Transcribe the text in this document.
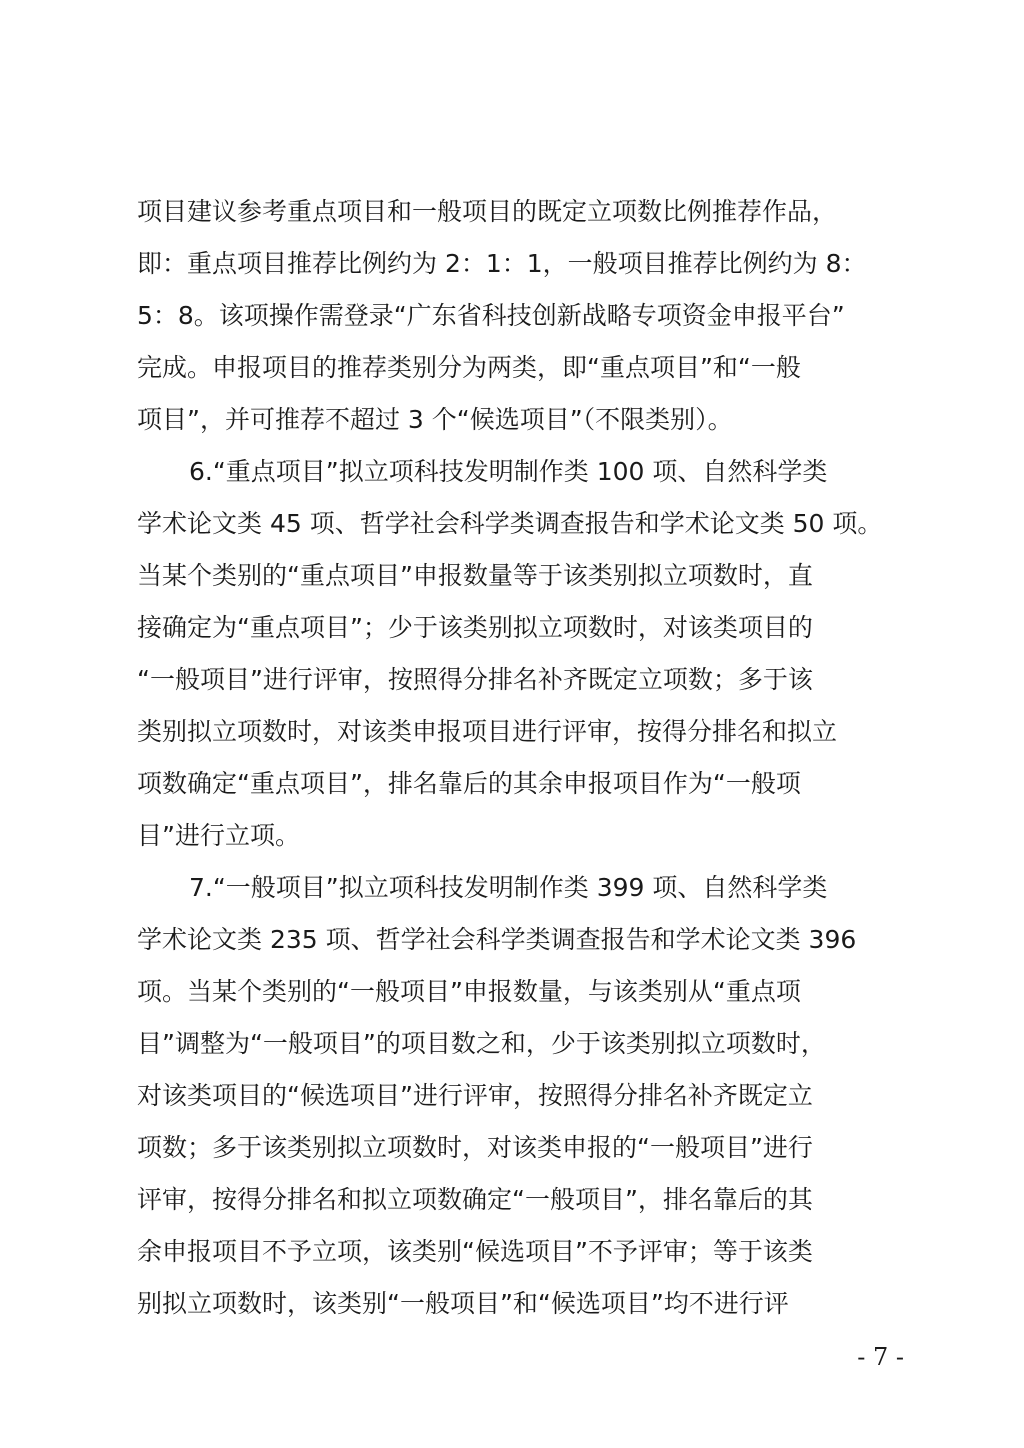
项目建议参考重点项目和一般项目的既定立项数比例推荐作品，
即：重点项目推荐比例约为 2：1：1，一般项目推荐比例约为 8：
5：8。该项操作需登录“广东省科技创新战略专项资金申报平台”
完成。申报项目的推荐类别分为两类，即“重点项目”和“一般
项目”，并可推荐不超过 3 个“候选项目”（不限类别）。
6.“重点项目”拟立项科技发明制作类 100 项、自然科学类
学术论文类 45 项、哲学社会科学类调查报告和学术论文类 50 项。
当某个类别的“重点项目”申报数量等于该类别拟立项数时，直
接确定为“重点项目”；少于该类别拟立项数时，对该类项目的
“一般项目”进行评审，按照得分排名补齐既定立项数；多于该
类别拟立项数时，对该类申报项目进行评审，按得分排名和拟立
项数确定“重点项目”，排名靠后的其余申报项目作为“一般项
目”进行立项。
7.“一般项目”拟立项科技发明制作类 399 项、自然科学类
学术论文类 235 项、哲学社会科学类调查报告和学术论文类 396
项。当某个类别的“一般项目”申报数量，与该类别从“重点项
目”调整为“一般项目”的项目数之和，少于该类别拟立项数时，
对该类项目的“候选项目”进行评审，按照得分排名补齐既定立
项数；多于该类别拟立项数时，对该类申报的“一般项目”进行
评审，按得分排名和拟立项数确定“一般项目”，排名靠后的其
余申报项目不予立项，该类别“候选项目”不予评审；等于该类
别拟立项数时，该类别“一般项目”和“候选项目”均不进行评
- 7 -
